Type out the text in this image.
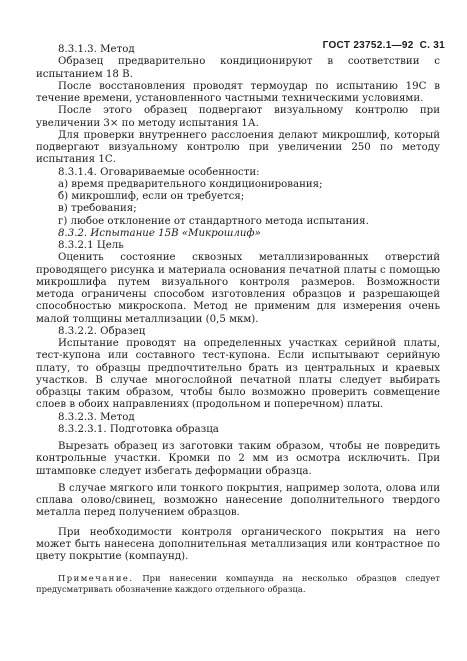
ГОСТ 23752.1—92 С. 31

8.3.1.3. Метод

Образец предварительно кондиционируют в соответствии с испытанием 18 В.

После восстановления проводят термоудар по испытанию 19С в течение времени, установленного частными техническими условиями.

После этого образец подвергают визуальному контролю при увеличении 3× по методу испытания 1А.

Для проверки внутреннего расслоения делают микрошлиф, который подвергают визуальному контролю при увеличении 250 по методу испытания 1С.

8.3.1.4. Оговариваемые особенности:

а) время предварительного кондиционирования;

б) микрошлиф, если он требуется;

в) требования;

г) любое отклонение от стандартного метода испытания.

8.3.2. Испытание 15В «Микрошлиф»

8.3.2.1 Цель

Оценить состояние сквозных металлизированных отверстий проводящего рисунка и материала основания печатной платы с помощью микрошлифа путем визуального контроля размеров. Возможности метода ограничены способом изготовления образцов и разрешающей способностью микроскопа. Метод не применим для измерения очень малой толщины металлизации (0,5 мкм).

8.3.2.2. Образец

Испытание проводят на определенных участках серийной платы, тест-купона или составного тест-купона. Если испытывают серийную плату, то образцы предпочтительно брать из центральных и краевых участков. В случае многослойной печатной платы следует выбирать образцы таким образом, чтобы было возможно проверить совмещение слоев в обоих направлениях (продольном и поперечном) платы.

8.3.2.3. Метод

8.3.2.3.1. Подготовка образца

Вырезать образец из заготовки таким образом, чтобы не повредить контрольные участки. Кромки по 2 мм из осмотра исключить. При штамповке следует избегать деформации образца.

В случае мягкого или тонкого покрытия, например золота, олова или сплава олово/свинец, возможно нанесение дополнительного твердого металла перед получением образцов.

При необходимости контроля органического покрытия на него может быть нанесена дополнительная металлизация или контрастное по цвету покрытие (компаунд).

Примечание. При нанесении компаунда на несколько образцов следует предусматривать обозначение каждого отдельного образца.
